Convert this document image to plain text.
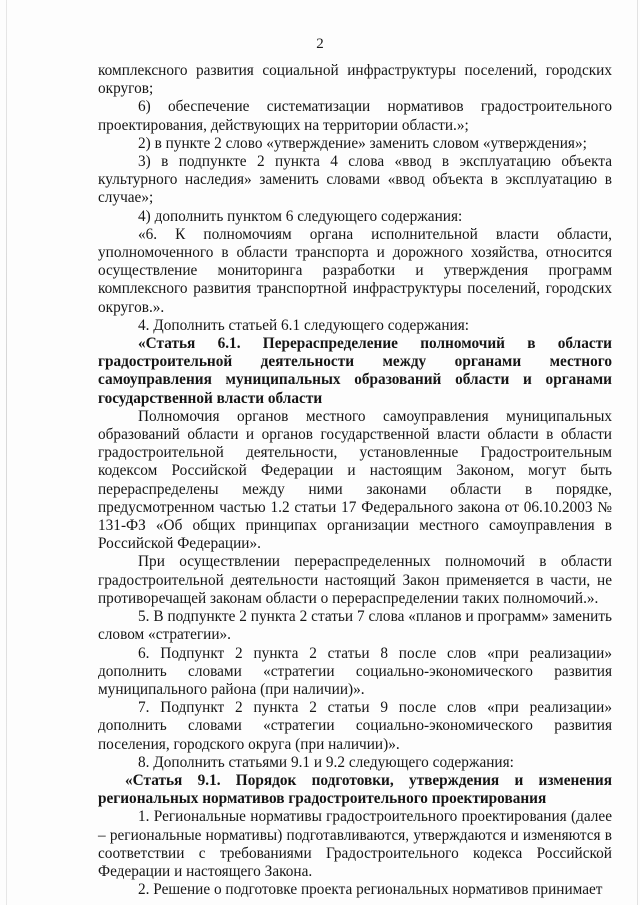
2

комплексного развития социальной инфраструктуры поселений, городских округов;

6) обеспечение систематизации нормативов градостроительного проектирования, действующих на территории области.»;

2) в пункте 2 слово «утверждение» заменить словом «утверждения»;

3) в подпункте 2 пункта 4 слова «ввод в эксплуатацию объекта культурного наследия» заменить словами «ввод объекта в эксплуатацию в случае»;

4) дополнить пунктом 6 следующего содержания:

«6. К полномочиям органа исполнительной власти области, уполномоченного в области транспорта и дорожного хозяйства, относится осуществление мониторинга разработки и утверждения программ комплексного развития транспортной инфраструктуры поселений, городских округов.».

4. Дополнить статьей 6.1 следующего содержания:

«Статья 6.1. Перераспределение полномочий в области градостроительной деятельности между органами местного самоуправления муниципальных образований области и органами государственной власти области

Полномочия органов местного самоуправления муниципальных образований области и органов государственной власти области в области градостроительной деятельности, установленные Градостроительным кодексом Российской Федерации и настоящим Законом, могут быть перераспределены между ними законами области в порядке, предусмотренном частью 1.2 статьи 17 Федерального закона от 06.10.2003 № 131-ФЗ «Об общих принципах организации местного самоуправления в Российской Федерации».

При осуществлении перераспределенных полномочий в области градостроительной деятельности настоящий Закон применяется в части, не противоречащей законам области о перераспределении таких полномочий.».

5. В подпункте 2 пункта 2 статьи 7 слова «планов и программ» заменить словом «стратегии».

6. Подпункт 2 пункта 2 статьи 8 после слов «при реализации» дополнить словами «стратегии социально-экономического развития муниципального района (при наличии)».

7. Подпункт 2 пункта 2 статьи 9 после слов «при реализации» дополнить словами «стратегии социально-экономического развития поселения, городского округа (при наличии)».

8. Дополнить статьями 9.1 и 9.2 следующего содержания:

«Статья 9.1. Порядок подготовки, утверждения и изменения региональных нормативов градостроительного проектирования

1. Региональные нормативы градостроительного проектирования (далее – региональные нормативы) подготавливаются, утверждаются и изменяются в соответствии с требованиями Градостроительного кодекса Российской Федерации и настоящего Закона.

2. Решение о подготовке проекта региональных нормативов принимает
